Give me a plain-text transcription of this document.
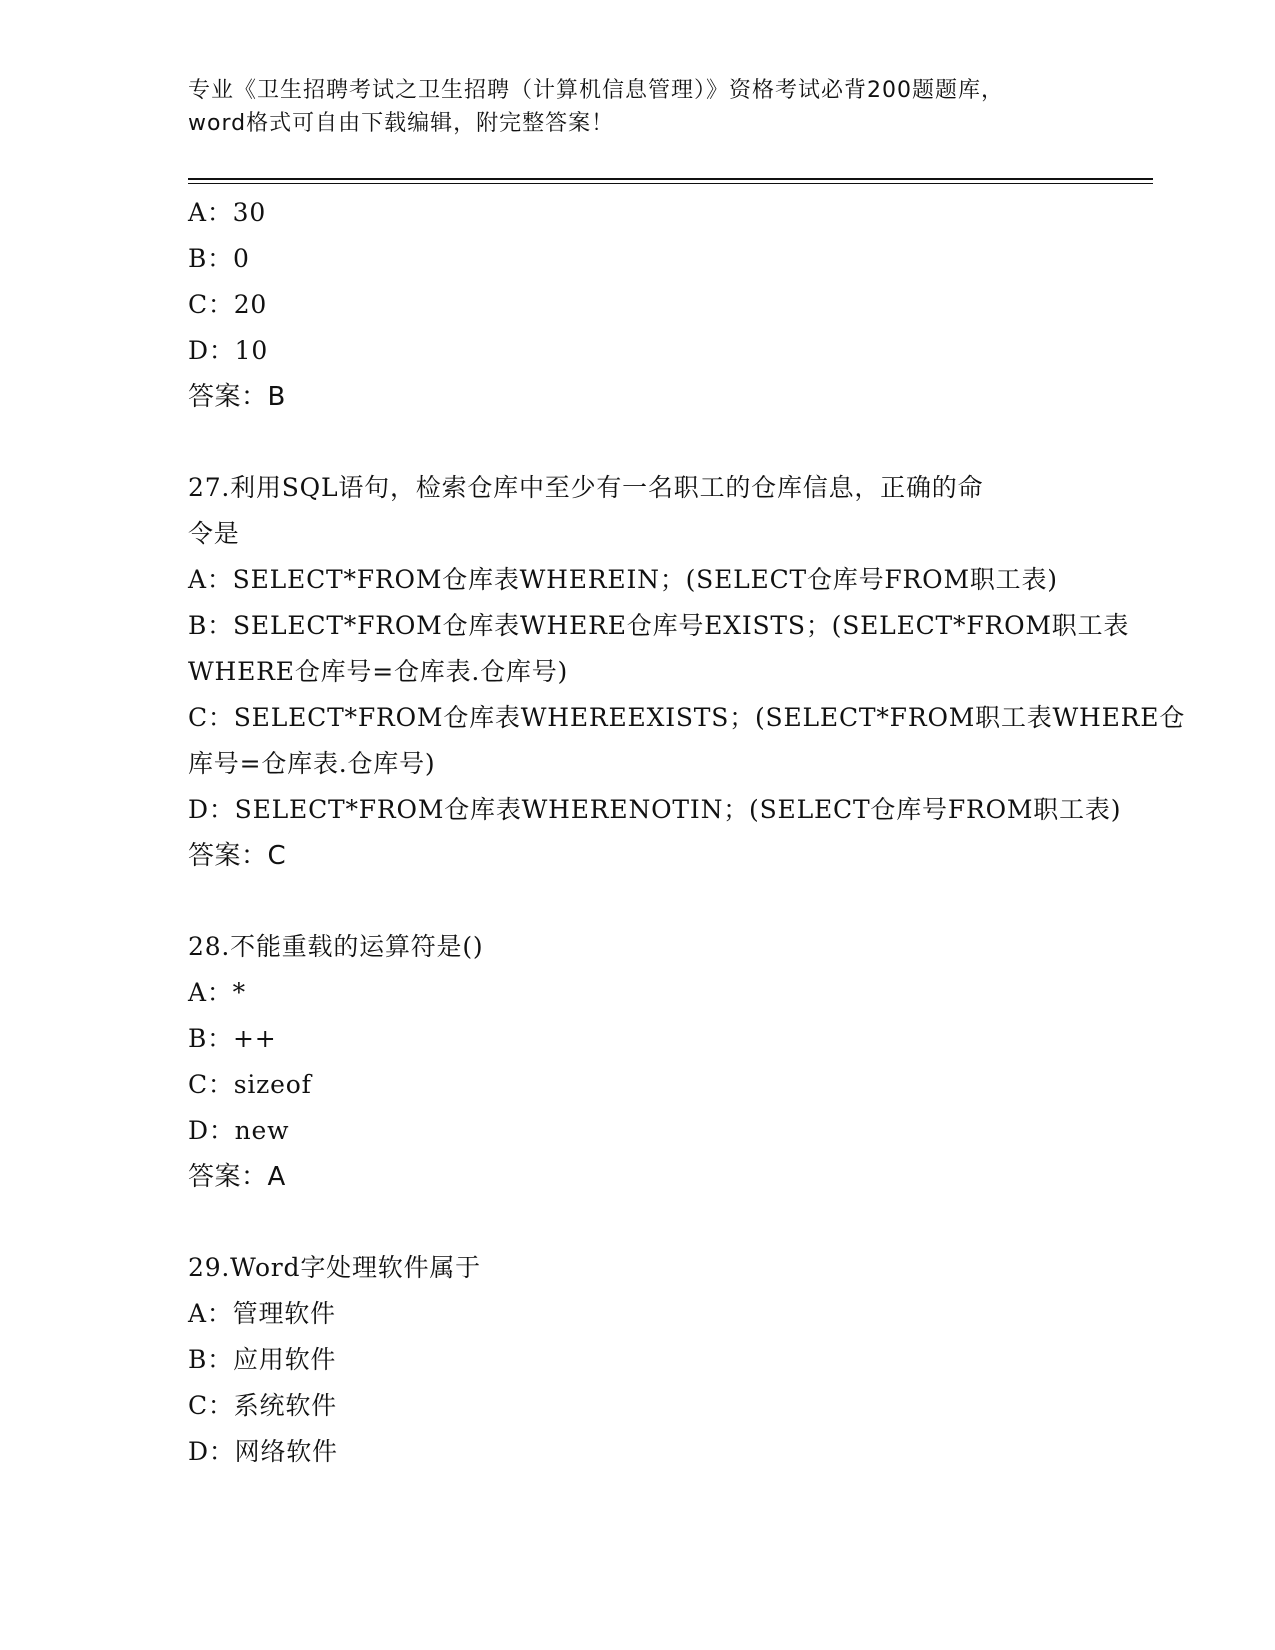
专业《卫生招聘考试之卫生招聘（计算机信息管理）》资格考试必背200题题库，
word格式可自由下载编辑，附完整答案！
A：30
B：0
C：20
D：10
答案：B
27.利用SQL语句，检索仓库中至少有一名职工的仓库信息，正确的命
令是
A：SELECT*FROM仓库表WHEREIN；(SELECT仓库号FROM职工表)
B：SELECT*FROM仓库表WHERE仓库号EXISTS；(SELECT*FROM职工表
WHERE仓库号=仓库表.仓库号)
C：SELECT*FROM仓库表WHEREEXISTS；(SELECT*FROM职工表WHERE仓
库号=仓库表.仓库号)
D：SELECT*FROM仓库表WHERENOTIN；(SELECT仓库号FROM职工表)
答案：C
28.不能重载的运算符是()
A：*
B：++
C：sizeof
D：new
答案：A
29.Word字处理软件属于
A：管理软件
B：应用软件
C：系统软件
D：网络软件
